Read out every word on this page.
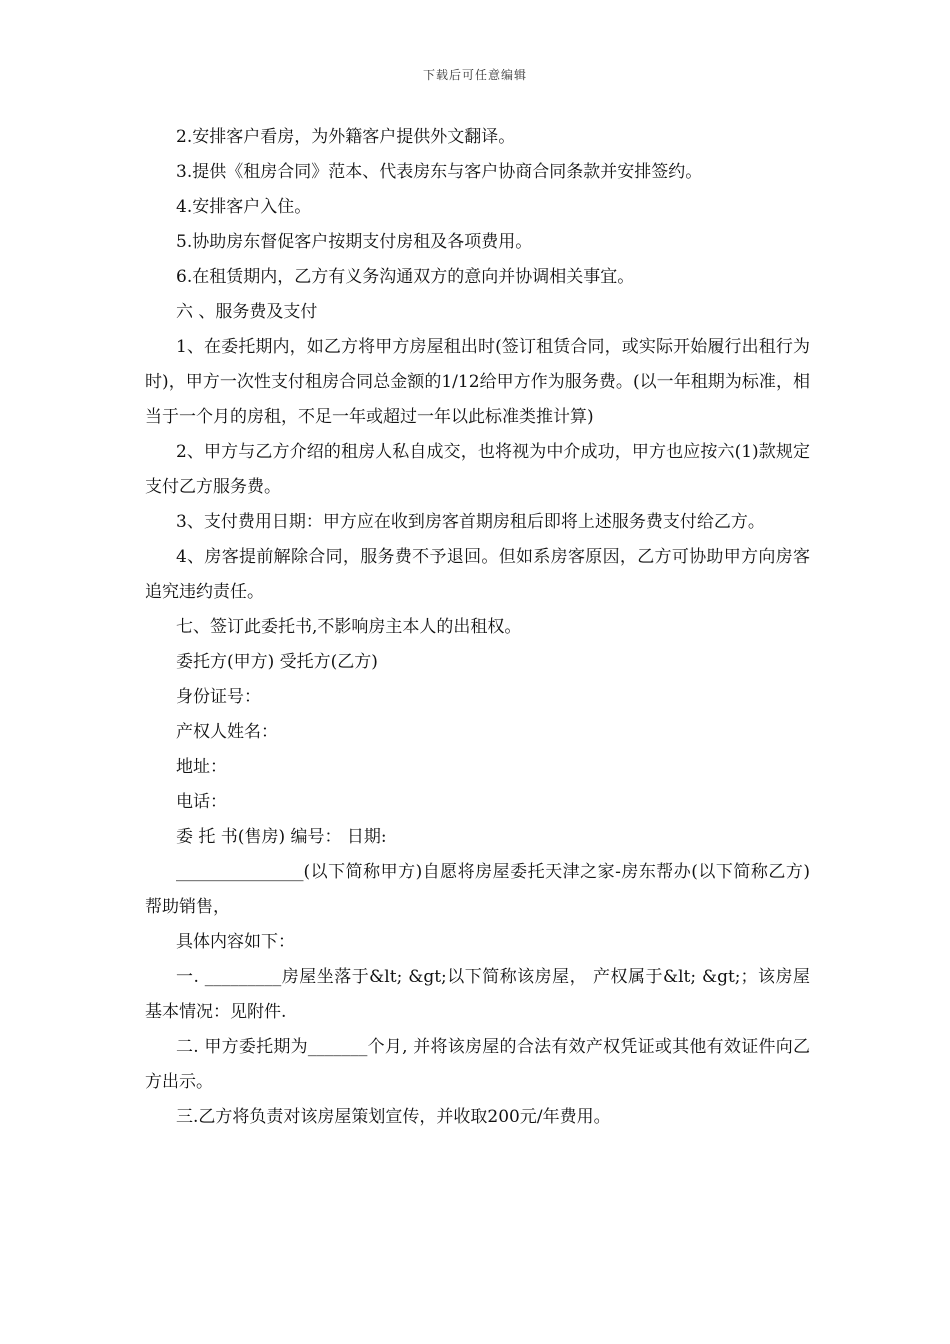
下载后可任意编辑

2.安排客户看房，为外籍客户提供外文翻译。

3.提供《租房合同》范本、代表房东与客户协商合同条款并安排签约。

4.安排客户入住。

5.协助房东督促客户按期支付房租及各项费用。

6.在租赁期内，乙方有义务沟通双方的意向并协调相关事宜。

六 、服务费及支付

1、在委托期内，如乙方将甲方房屋租出时(签订租赁合同，或实际开始履行出租行为时)，甲方一次性支付租房合同总金额的1/12给甲方作为服务费。(以一年租期为标准，相当于一个月的房租，不足一年或超过一年以此标准类推计算)

2、甲方与乙方介绍的租房人私自成交，也将视为中介成功，甲方也应按六(1)款规定支付乙方服务费。

3、支付费用日期：甲方应在收到房客首期房租后即将上述服务费支付给乙方。

4、房客提前解除合同，服务费不予退回。但如系房客原因，乙方可协助甲方向房客追究违约责任。

七、签订此委托书,不影响房主本人的出租权。

委托方(甲方) 受托方(乙方)

身份证号：

产权人姓名：

地址：

电话：

委 托 书(售房) 编号： 日期:

_______________(以下简称甲方)自愿将房屋委托天津之家-房东帮办(以下简称乙方)帮助销售，

具体内容如下：

一. _________房屋坐落于&lt; &gt;以下简称该房屋， 产权属于&lt; &gt;；该房屋基本情况：见附件.

二. 甲方委托期为_______个月, 并将该房屋的合法有效产权凭证或其他有效证件向乙方出示。

三.乙方将负责对该房屋策划宣传，并收取200元/年费用。
